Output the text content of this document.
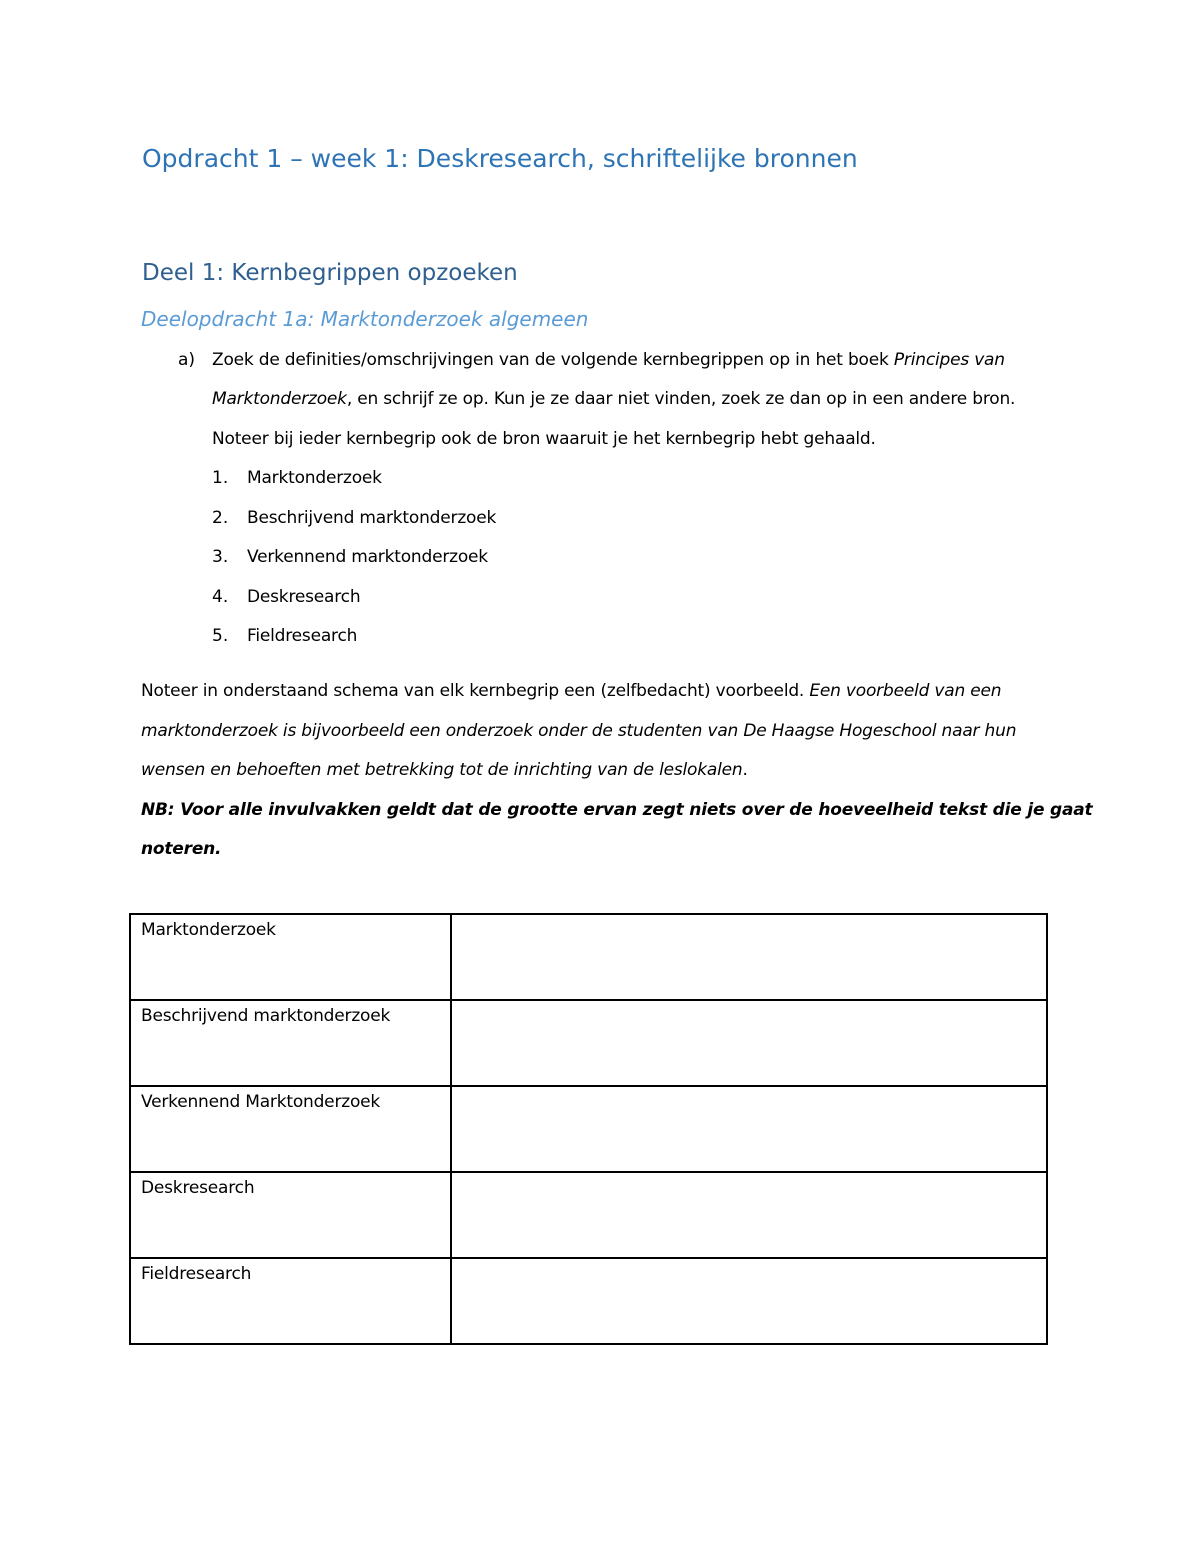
Opdracht 1 – week 1: Deskresearch, schriftelijke bronnen
Deel 1: Kernbegrippen opzoeken
Deelopdracht 1a: Marktonderzoek algemeen
a) Zoek de definities/omschrijvingen van de volgende kernbegrippen op in het boek Principes van
Marktonderzoek, en schrijf ze op. Kun je ze daar niet vinden, zoek ze dan op in een andere bron.
Noteer bij ieder kernbegrip ook de bron waaruit je het kernbegrip hebt gehaald.
1. Marktonderzoek
2. Beschrijvend marktonderzoek
3. Verkennend marktonderzoek
4. Deskresearch
5. Fieldresearch
Noteer in onderstaand schema van elk kernbegrip een (zelfbedacht) voorbeeld. Een voorbeeld van een
marktonderzoek is bijvoorbeeld een onderzoek onder de studenten van De Haagse Hogeschool naar hun
wensen en behoeften met betrekking tot de inrichting van de leslokalen.
NB: Voor alle invulvakken geldt dat de grootte ervan zegt niets over de hoeveelheid tekst die je gaat
noteren.
Marktonderzoek	
Beschrijvend marktonderzoek	
Verkennend Marktonderzoek	
Deskresearch	
Fieldresearch	
